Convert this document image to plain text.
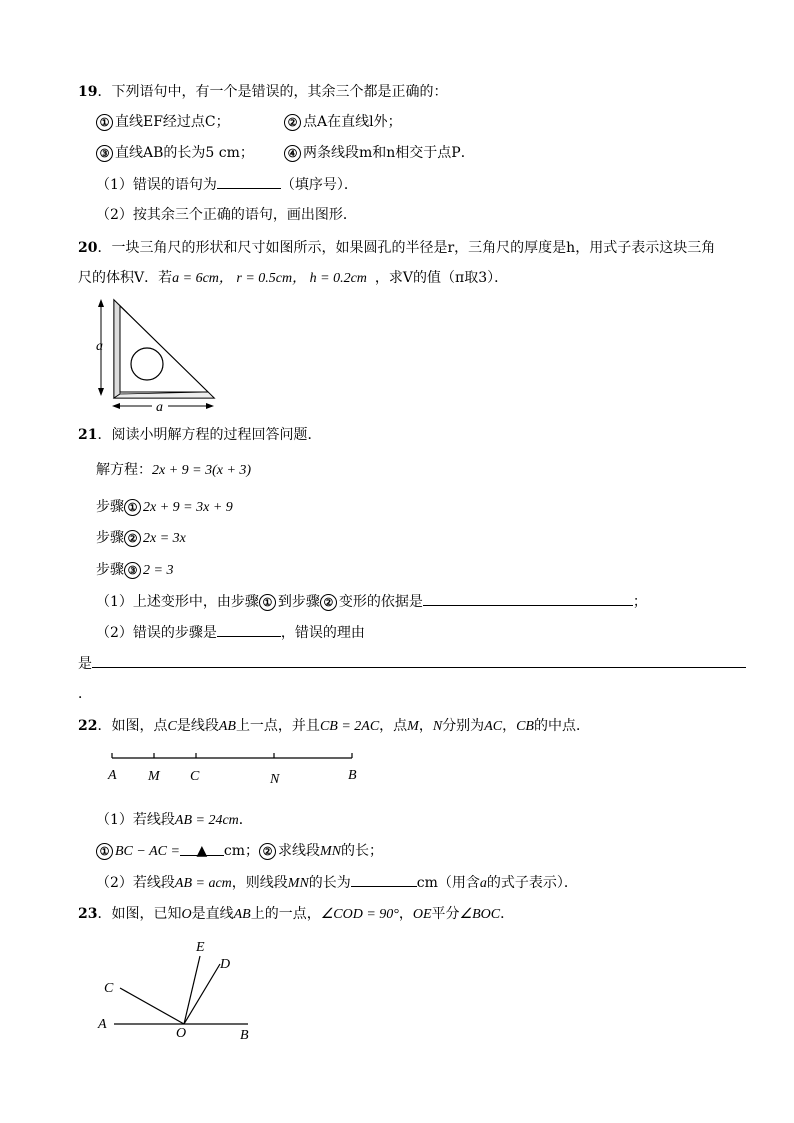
19．下列语句中，有一个是错误的，其余三个都是正确的：
① 直线EF经过点C；	② 点A在直线l外；
③ 直线AB的长为5 cm；	④ 两条线段m和n相交于点P．
（1）错误的语句为	（填序号）．
（2）按其余三个正确的语句，画出图形．
20．一块三角尺的形状和尺寸如图所示，如果圆孔的半径是r，三角尺的厚度是h，用式子表示这块三角
尺的体积V．若a = 6cm， r = 0.5cm， h = 0.2cm ，求V的值（π取3）．
a
a
21．阅读小明解方程的过程回答问题．
解方程：2x + 9 = 3(x + 3)
步骤 ① 2x + 9 = 3x + 9
步骤 ② 2x = 3x
步骤 ③ 2 = 3
（1）上述变形中，由步骤 ① 到步骤 ② 变形的依据是	；
（2）错误的步骤是	，错误的理由
是
．
22．如图，点C是线段AB上一点，并且CB = 2AC，点M，N分别为AC，CB的中点．
A M C	N	B
（1）若线段AB = 24cm．
① BC − AC = ▲ cm； ② 求线段MN的长；
（2）若线段AB = acm，则线段MN的长为	cm（用含a的式子表示）．
23．如图，已知O是直线AB上的一点，∠COD = 90°，OE平分∠BOC．
E
D
C
A
O	B
